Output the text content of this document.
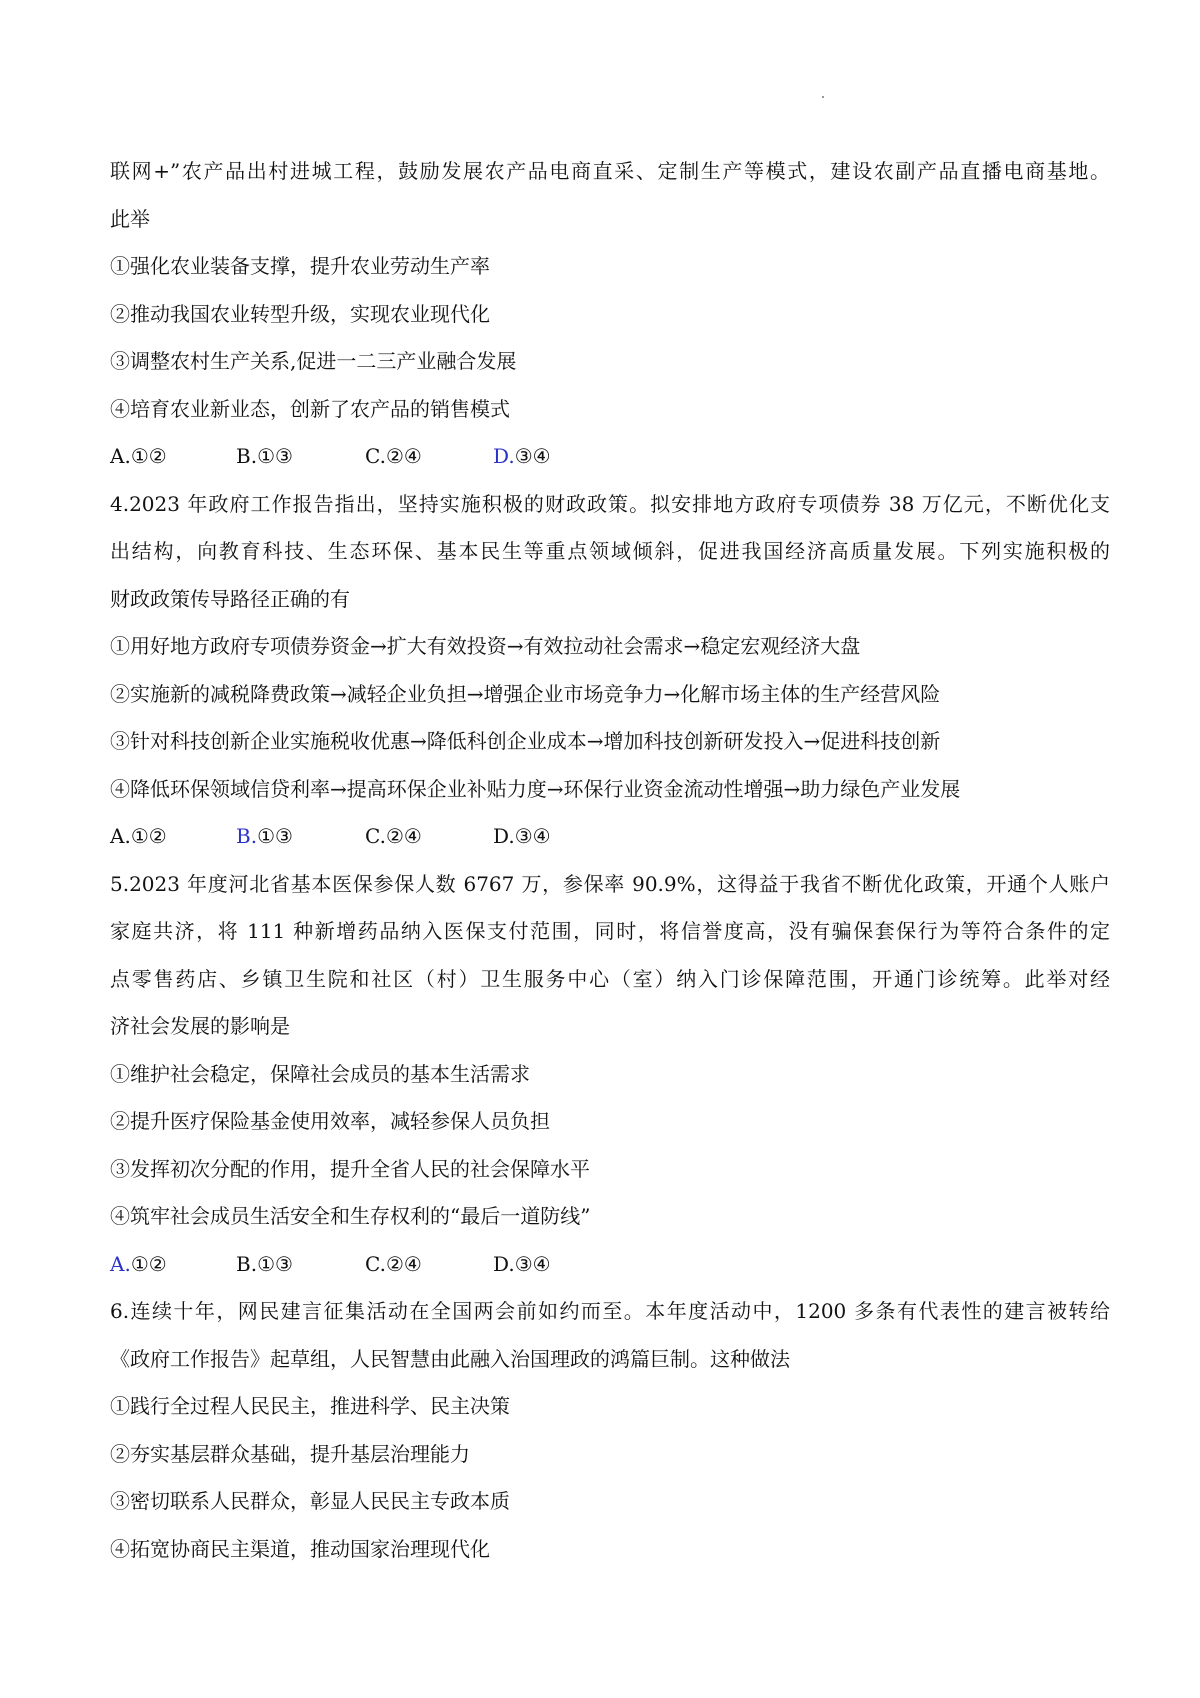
联网+”农产品出村进城工程，鼓励发展农产品电商直采、定制生产等模式，建设农副产品直播电商基地。

此举

①强化农业装备支撑，提升农业劳动生产率

②推动我国农业转型升级，实现农业现代化

③调整农村生产关系,促进一二三产业融合发展

④培育农业新业态，创新了农产品的销售模式

A.①②	B.①③	C.②④	D.③④

4.2023 年政府工作报告指出，坚持实施积极的财政政策。拟安排地方政府专项债券 38 万亿元，不断优化支

出结构，向教育科技、生态环保、基本民生等重点领域倾斜，促进我国经济高质量发展。下列实施积极的

财政政策传导路径正确的有

①用好地方政府专项债券资金→扩大有效投资→有效拉动社会需求→稳定宏观经济大盘

②实施新的减税降费政策→减轻企业负担→增强企业市场竞争力→化解市场主体的生产经营风险

③针对科技创新企业实施税收优惠→降低科创企业成本→增加科技创新研发投入→促进科技创新

④降低环保领域信贷利率→提高环保企业补贴力度→环保行业资金流动性增强→助力绿色产业发展

A.①②	B.①③	C.②④	D.③④

5.2023 年度河北省基本医保参保人数 6767 万，参保率 90.9%，这得益于我省不断优化政策，开通个人账户

家庭共济，将 111 种新增药品纳入医保支付范围，同时，将信誉度高，没有骗保套保行为等符合条件的定

点零售药店、乡镇卫生院和社区（村）卫生服务中心（室）纳入门诊保障范围，开通门诊统筹。此举对经

济社会发展的影响是

①维护社会稳定，保障社会成员的基本生活需求

②提升医疗保险基金使用效率，减轻参保人员负担

③发挥初次分配的作用，提升全省人民的社会保障水平

④筑牢社会成员生活安全和生存权利的“最后一道防线”

A.①②	B.①③	C.②④	D.③④

6.连续十年，网民建言征集活动在全国两会前如约而至。本年度活动中，1200 多条有代表性的建言被转给

《政府工作报告》起草组，人民智慧由此融入治国理政的鸿篇巨制。这种做法

①践行全过程人民民主，推进科学、民主决策

②夯实基层群众基础，提升基层治理能力

③密切联系人民群众，彰显人民民主专政本质

④拓宽协商民主渠道，推动国家治理现代化
